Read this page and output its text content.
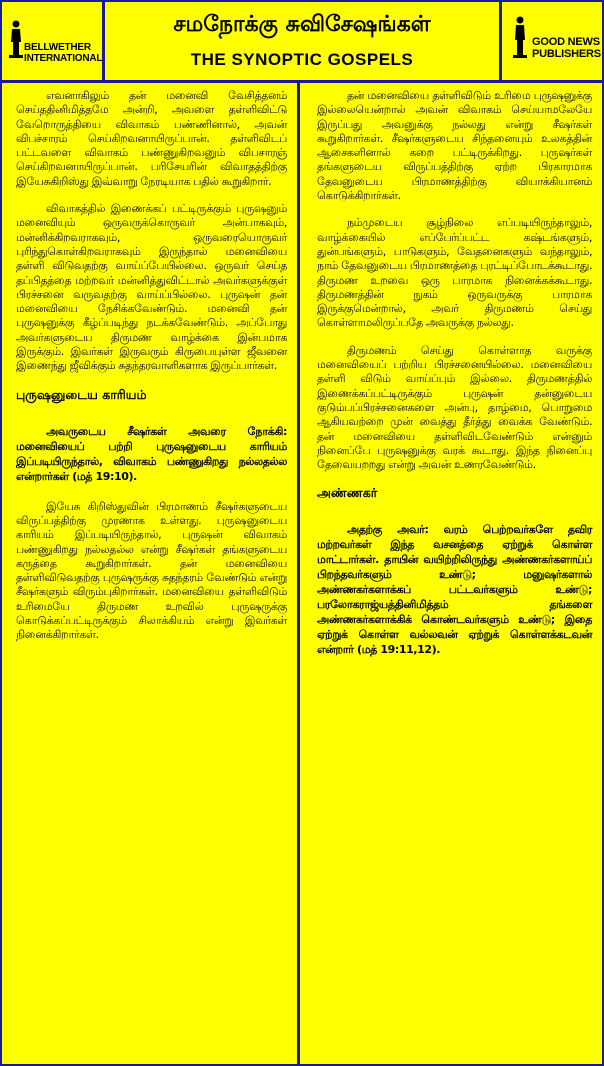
BELLWETHER
INTERNATIONAL
சமநோக்கு சுவிசேஷங்கள்
THE SYNOPTIC GOSPELS
GOOD NEWS
PUBLISHERS

எவனாகிலும் தன் மனைவி வேசித்தனம் செய்ததினிமித்தமே அன்றி, அவளை தள்ளிவிட்டு வேறொருத்தியை விவாகம் பண்ணினால், அவன் விபச்சாரம் செய்கிறவனாயிருப்பான். தள்ளிவிடப் பட்டவளை விவாகம் பண்ணுகிறவனும் விபசாரஞ் செய்கிறவனாயிருப்பான். பரிசேயரின் விவாதத்திற்கு இயேசுகிறிஸ்து இவ்வாறு நேரடியாக பதில் கூறுகிறார்.

விவாகத்தில் இணைக்கப் பட்டிருக்கும் புருஷனும் மனைவியும் ஒருவருக்கொருவர் அன்பாகவும், மன்னிக்கிறவராகவும், ஒருவரையொருவர் புரிந்துகொள்கிறவராகவும் இருந்தால் மனைவியை தள்ளி விடுவதற்கு வாய்ப்பேயில்லை. ஒருவர் செய்த தப்பிதத்தை மற்றவர் மன்னித்துவிட்டால் அவர்களுக்குள் பிரச்சனை வருவதற்கு வாய்ப்பில்லை. புருஷன் தன் மனைவியை நேசிக்கவேண்டும். மனைவி தன் புருஷனுக்கு கீழ்ப்படிந்து நடக்கவேண்டும். அப்போது அவர்களுடைய திருமண வாழ்க்கை இன்பமாக இருக்கும். இவர்கள் இருவரும் கிருபையுள்ள ஜீவனை இணைந்து ஜீவிக்கும் சுதந்தரவாளிகளாக இருப்பார்கள்.

புருஷனுடைய காரியம்

அவருடைய சீஷர்கள் அவரை நோக்கி: மனைவியைப் பற்றி புருஷனுடைய காரியம் இப்படியிருந்தால், விவாகம் பண்ணுகிறது நல்லதல்ல என்றார்கள் (மத் 19:10).

இயேசு கிறிஸ்துவின் பிரமாணம் சீஷர்களுடைய விருப்பத்திற்கு முரணாக உள்ளது. புருஷனுடைய காரியம் இப்படியிருந்தால், புருஷன் விவாகம் பண்ணுகிறது நல்லதல்ல என்று சீஷர்கள் தங்களுடைய கருத்தை கூறுகிறார்கள். தன் மனைவியை தள்ளிவிடுவதற்கு புருஷருக்கு சுதந்தரம் வேண்டும் என்று சீஷர்களும் விரும்புகிறார்கள். மனைவியை தள்ளிவிடும் உரிமையே திருமண உறவில் புருஷருக்கு கொடுக்கப்பட்டிருக்கும் சிலாக்கியம் என்று இவர்கள் நினைக்கிறார்கள்.

தன் மனைவியை தள்ளிவிடும் உரிமை புருஷனுக்கு இல்லையென்றால் அவன் விவாகம் செய்யாமலேயே இருப்பது அவனுக்கு நல்லது என்று சீஷர்கள் கூறுகிறார்கள். சீஷர்களுடைய சிந்தனையும் உலகத்தின் ஆசைகளினால் கறை பட்டிருக்கிறது. புருஷர்கள் தங்களுடைய விருப்பத்திற்கு ஏற்ற பிரகாரமாக தேவனுடைய பிரமாணத்திற்கு வியாக்கியானம் கொடுக்கிறார்கள்.

நம்முடைய சூழ்நிலை எப்படியிருந்தாலும், வாழ்க்கையில் எப்பேர்ப்பட்ட கஷ்டங்களும், துன்பங்களும், பாடுகளும், வேதனைகளும் வந்தாலும், நாம் தேவனுடைய பிரமாணத்தை புரட்டிப்போடக்கூடாது. திருமண உறவை ஒரு பாரமாக நினைக்கக்கூடாது. திருமணத்தின் நுகம் ஒருவருக்கு பாரமாக இருக்குமென்றால், அவர் திருமணம் செய்து கொள்ளாமலிருப்பதே அவருக்கு நல்லது.

திருமணம் செய்து கொள்ளாத வருக்கு மனைவியைப் பற்றிய பிரச்சனையில்லை. மனைவியை தள்ளி விடும் வாய்ப்பும் இல்லை. திருமணத்தில் இணைக்கப்பட்டிருக்கும் புருஷன் தன்னுடைய குடும்பப்பிரச்சனைகளை அன்பு, தாழ்மை, பொறுமை ஆகியவற்றை முன் வைத்து தீர்த்து வைக்க வேண்டும். தன் மனைவியை தள்ளிவிடவேண்டும் என்னும் நினைப்பே புருஷனுக்கு வரக் கூடாது. இந்த நினைப்பு தேவையறறது என்று அவன் உணரவேண்டும்.

அண்ணகர்

அதற்கு அவர்: வரம் பெற்றவர்களே தவிர மற்றவர்கள் இந்த வசனத்தை ஏற்றுக் கொள்ள மாட்டார்கள். தாயின் வயிற்றிலிருந்து அண்ணகர்களாய்ப் பிறந்தவர்களும் உண்டு; மனுஷர்களால் அண்ணகர்களாக்கப் பட்டவர்களும் உண்டு; பரலோகராஜ்யத்தினிமித்தம் தங்களை அண்ணகர்களாக்கிக் கொண்டவர்களும் உண்டு; இதை ஏற்றுக் கொள்ள வல்லவன் ஏற்றுக் கொள்ளக்கடவன் என்றார் (மத் 19:11,12).
